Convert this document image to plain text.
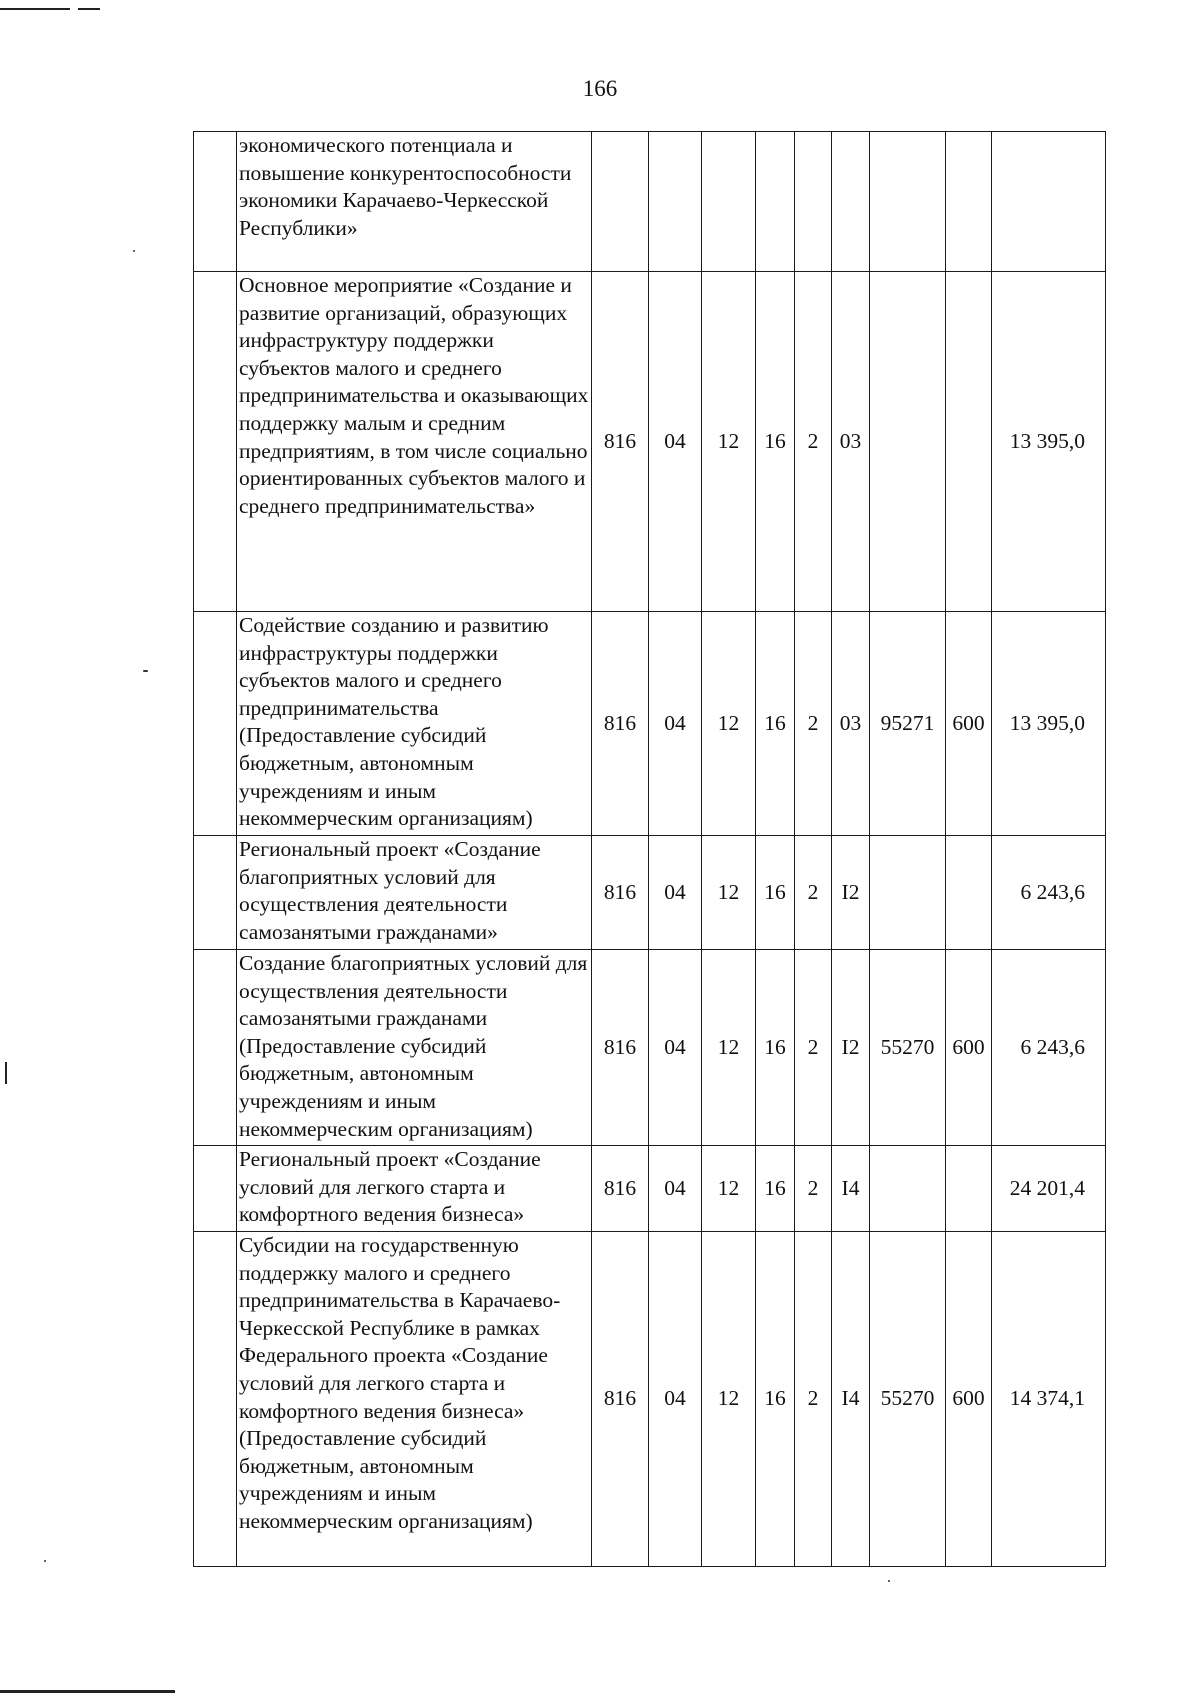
166
	экономического потенциала и повышение конкурентоспособности экономики Карачаево-Черкесской Республики»									
	Основное мероприятие «Создание и развитие организаций, образующих инфраструктуру поддержки субъектов малого и среднего предпринимательства и оказывающих поддержку малым и средним предприятиям, в том числе социально ориентированных субъектов малого и среднего предпринимательства»	816	04	12	16	2	03			13 395,0
	Содействие созданию и развитию инфраструктуры поддержки субъектов малого и среднего предпринимательства (Предоставление субсидий бюджетным, автономным учреждениям и иным некоммерческим организациям)	816	04	12	16	2	03	95271	600	13 395,0
	Региональный проект «Создание благоприятных условий для осуществления деятельности самозанятыми гражданами»	816	04	12	16	2	I2			6 243,6
	Создание благоприятных условий для осуществления деятельности самозанятыми гражданами (Предоставление субсидий бюджетным, автономным учреждениям и иным некоммерческим организациям)	816	04	12	16	2	I2	55270	600	6 243,6
	Региональный проект «Создание условий для легкого старта и комфортного ведения бизнеса»	816	04	12	16	2	I4			24 201,4
	Субсидии на государственную поддержку малого и среднего предпринимательства в Карачаево-Черкесской Республике в рамках Федерального проекта «Создание условий для легкого старта и комфортного ведения бизнеса» (Предоставление субсидий бюджетным, автономным учреждениям и иным некоммерческим организациям)	816	04	12	16	2	I4	55270	600	14 374,1
